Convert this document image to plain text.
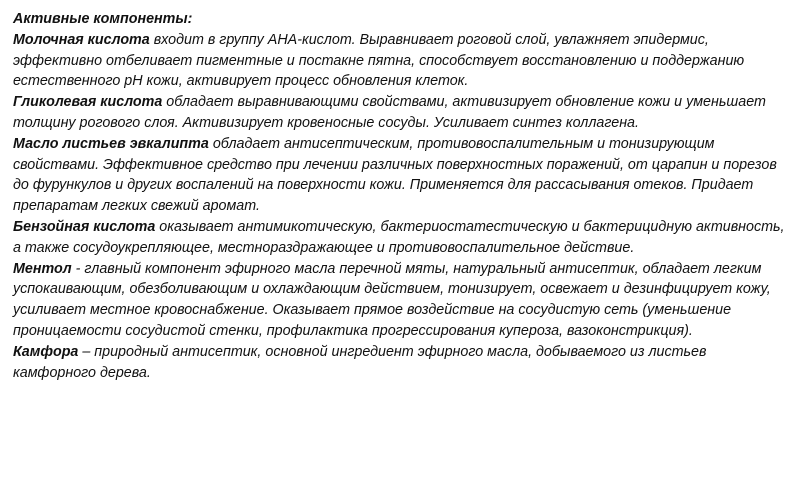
Активные компоненты:

Молочная кислота входит в группу АНА-кислот. Выравнивает роговой слой, увлажняет эпидермис, эффективно отбеливает пигментные и постакне пятна, способствует восстановлению и поддержанию естественного pH кожи, активирует процесс обновления клеток.

Гликолевая кислота обладает выравнивающими свойствами, активизирует обновление кожи и уменьшает толщину рогового слоя. Активизирует кровеносные сосуды. Усиливает синтез коллагена.

Масло листьев эвкалипта обладает антисептическим, противовоспалительным и тонизирующим свойствами. Эффективное средство при лечении различных поверхностных поражений, от царапин и порезов до фурункулов и других воспалений на поверхности кожи. Применяется для рассасывания отеков. Придает препаратам легких свежий аромат.

Бензойная кислота оказывает антимикотическую, бактериостатестическую и бактерицидную активность, а также сосудоукрепляющее, местнораздражающее и противовоспалительное действие.

Ментол - главный компонент эфирного масла перечной мяты, натуральный антисептик, обладает легким успокаивающим, обезболивающим и охлаждающим действием, тонизирует, освежает и дезинфицирует кожу, усиливает местное кровоснабжение. Оказывает прямое воздействие на сосудистую сеть (уменьшение проницаемости сосудистой стенки, профилактика прогрессирования купероза, вазоконстрикция).

Камфора – природный антисептик, основной ингредиент эфирного масла, добываемого из листьев камфорного дерева.
